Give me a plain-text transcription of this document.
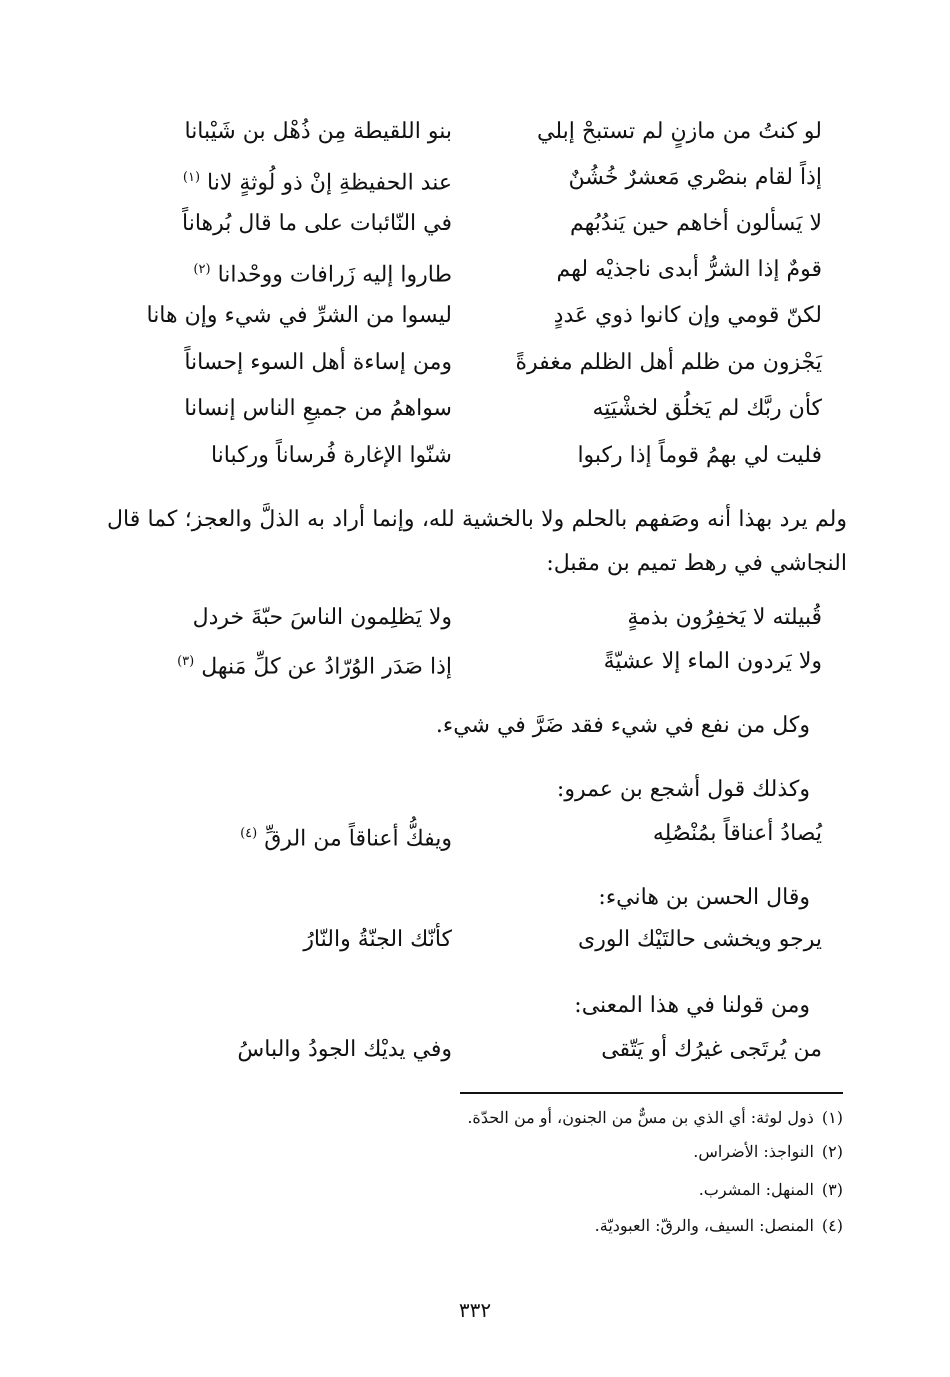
لو كنتُ من مازنٍ لم تستبحْ إبلي
بنو اللقيطة مِن ذُهْل بن شَيْبانا
إذاً لقام بنصْري مَعشرٌ خُشُنٌ
عند الحفيظةِ إنْ ذو لُوثةٍ لانا $^{(١)}$
لا يَسألون أخاهم حين يَندُبُهم
في النّائبات على ما قال بُرهاناً
قومٌ إذا الشرُّ أبدى ناجذيْه لهم
طاروا إليه زَرافات ووحْدانا $^{(٢)}$
لكنّ قومي وإن كانوا ذوي عَددٍ
ليسوا من الشرِّ في شيء وإن هانا
يَجْزون من ظلم أهل الظلم مغفرةً
ومن إساءة أهل السوء إحساناً
كأن ربَّك لم يَخلُق لخشْيَتِه
سواهمُ من جميعِ الناس إنسانا
فليت لي بهمُ قوماً إذا ركبوا
شنّوا الإغارة فُرساناً وركبانا
ولم يرد بهذا أنه وصَفهم بالحلم ولا بالخشية لله، وإنما أراد به الذلَّ والعجز؛ كما قال النجاشي في رهط تميم بن مقبل:
قُبيلته لا يَخفِرُون بذمةٍ
ولا يَظلِمون الناسَ حبّةَ خردل
ولا يَردون الماء إلا عشيّةً
إذا صَدَر الوُرّادُ عن كلِّ مَنهل $^{(٣)}$
وكل من نفع في شيء فقد ضَرَّ في شيء.
وكذلك قول أشجع بن عمرو:
يُصادُ أعناقاً بمُنْصُلِه
ويفكُّ أعناقاً من الرقِّ $^{(٤)}$
وقال الحسن بن هانيء:
يرجو ويخشى حالتَيْك الورى
كأنّك الجنّةُ والنّارُ
ومن قولنا في هذا المعنى:
من يُرتَجى غيرُك أو يَتّقى
وفي يديْك الجودُ والباسُ
(١)ذول لوثة: أي الذي بن مسٌّ من الجنون، أو من الحدّة.
(٢)النواجذ: الأضراس.
(٣)المنهل: المشرب.
(٤)المنصل: السيف، والرقّ: العبوديّة.
٣٣٢
